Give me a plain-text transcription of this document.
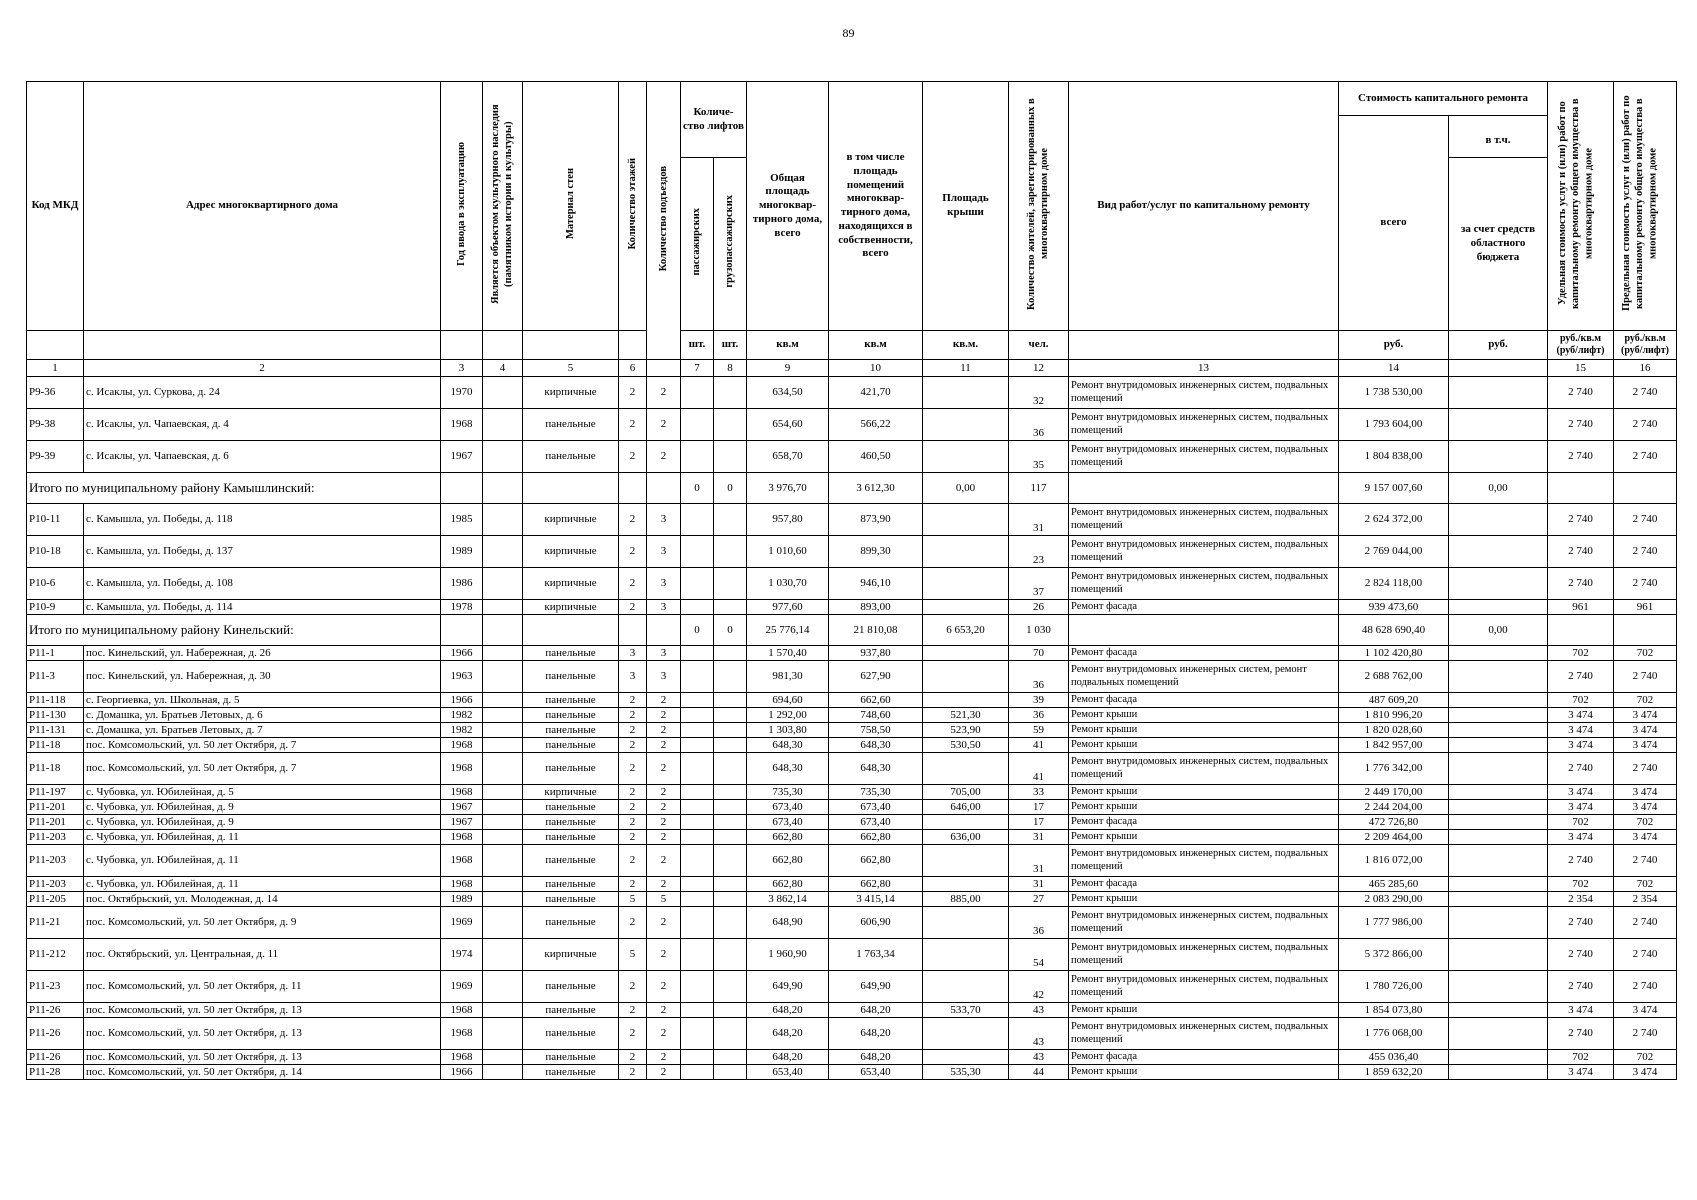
89
Код МКД	Адрес многоквартирного дома	Год ввода в эксплуатацию	Является объектом культурного наследия (памятником истории и культуры)	Материал стен	Количество этажей	Количество подъездов	Количе-ство лифтов		Общая площадь многоквар-тирного дома, всего	в том числе площадь помещений многоквар-тирного дома, находящихся в собственности, всего	Площадь крыши	Количество жителей, зарегистрированных в многоквартирном доме	Вид работ/услуг по капитальному ремонту	Стоимость капитального ремонта		Удельная стоимость услуг и (или) работ по капитальному ремонту общего имущества в многоквартирном доме	Предельная стоимость услуг и (или) работ по капитальному ремонту общего имущества в многоквартирном доме
														всего	в т.ч.		
							пассажирских	грузопассажирских							за счет средств областного бюджета		
							шт.	шт.	кв.м	кв.м	кв.м.	чел.		руб.	руб.	руб./кв.м (руб/лифт)	руб./кв.м (руб/лифт)
1	2	3	4	5	6		7	8	9	10	11	12	13	14		15	16
Р9-36	с. Исаклы, ул. Суркова, д. 24	1970		кирпичные	2	2			634,50	421,70		32	Ремонт внутридомовых инженерных систем, подвальных помещений	1 738 530,00		2 740	2 740
Р9-38	с. Исаклы, ул. Чапаевская, д. 4	1968		панельные	2	2			654,60	566,22		36	Ремонт внутридомовых инженерных систем, подвальных помещений	1 793 604,00		2 740	2 740
Р9-39	с. Исаклы, ул. Чапаевская, д. 6	1967		панельные	2	2			658,70	460,50		35	Ремонт внутридомовых инженерных систем, подвальных помещений	1 804 838,00		2 740	2 740
Итого по муниципальному району Камышлинский:							0	0	3 976,70	3 612,30	0,00	117		9 157 007,60	0,00		
Р10-11	с. Камышла, ул. Победы, д. 118	1985		кирпичные	2	3			957,80	873,90		31	Ремонт внутридомовых инженерных систем, подвальных помещений	2 624 372,00		2 740	2 740
Р10-18	с. Камышла, ул. Победы, д. 137	1989		кирпичные	2	3			1 010,60	899,30		23	Ремонт внутридомовых инженерных систем, подвальных помещений	2 769 044,00		2 740	2 740
Р10-6	с. Камышла, ул. Победы, д. 108	1986		кирпичные	2	3			1 030,70	946,10		37	Ремонт внутридомовых инженерных систем, подвальных помещений	2 824 118,00		2 740	2 740
Р10-9	с. Камышла, ул. Победы, д. 114	1978		кирпичные	2	3			977,60	893,00		26	Ремонт фасада	939 473,60		961	961
Итого по муниципальному району Кинельский:							0	0	25 776,14	21 810,08	6 653,20	1 030		48 628 690,40	0,00		
Р11-1	пос. Кинельский, ул. Набережная, д. 26	1966		панельные	3	3			1 570,40	937,80		70	Ремонт фасада	1 102 420,80		702	702
Р11-3	пос. Кинельский, ул. Набережная, д. 30	1963		панельные	3	3			981,30	627,90		36	Ремонт внутридомовых инженерных систем, ремонт подвальных помещений	2 688 762,00		2 740	2 740
Р11-118	с. Георгиевка, ул. Школьная, д. 5	1966		панельные	2	2			694,60	662,60		39	Ремонт фасада	487 609,20		702	702
Р11-130	с. Домашка, ул. Братьев Летовых, д. 6	1982		панельные	2	2			1 292,00	748,60	521,30	36	Ремонт крыши	1 810 996,20		3 474	3 474
Р11-131	с. Домашка, ул. Братьев Летовых, д. 7	1982		панельные	2	2			1 303,80	758,50	523,90	59	Ремонт крыши	1 820 028,60		3 474	3 474
Р11-18	пос. Комсомольский, ул. 50 лет Октября, д. 7	1968		панельные	2	2			648,30	648,30	530,50	41	Ремонт крыши	1 842 957,00		3 474	3 474
Р11-18	пос. Комсомольский, ул. 50 лет Октября, д. 7	1968		панельные	2	2			648,30	648,30		41	Ремонт внутридомовых инженерных систем, подвальных помещений	1 776 342,00		2 740	2 740
Р11-197	с. Чубовка, ул. Юбилейная, д. 5	1968		кирпичные	2	2			735,30	735,30	705,00	33	Ремонт крыши	2 449 170,00		3 474	3 474
Р11-201	с. Чубовка, ул. Юбилейная, д. 9	1967		панельные	2	2			673,40	673,40	646,00	17	Ремонт крыши	2 244 204,00		3 474	3 474
Р11-201	с. Чубовка, ул. Юбилейная, д. 9	1967		панельные	2	2			673,40	673,40		17	Ремонт фасада	472 726,80		702	702
Р11-203	с. Чубовка, ул. Юбилейная, д. 11	1968		панельные	2	2			662,80	662,80	636,00	31	Ремонт крыши	2 209 464,00		3 474	3 474
Р11-203	с. Чубовка, ул. Юбилейная, д. 11	1968		панельные	2	2			662,80	662,80		31	Ремонт внутридомовых инженерных систем, подвальных помещений	1 816 072,00		2 740	2 740
Р11-203	с. Чубовка, ул. Юбилейная, д. 11	1968		панельные	2	2			662,80	662,80		31	Ремонт фасада	465 285,60		702	702
Р11-205	пос. Октябрьский, ул. Молодежная, д. 14	1989		панельные	5	5			3 862,14	3 415,14	885,00	27	Ремонт крыши	2 083 290,00		2 354	2 354
Р11-21	пос. Комсомольский, ул. 50 лет Октября, д. 9	1969		панельные	2	2			648,90	606,90		36	Ремонт внутридомовых инженерных систем, подвальных помещений	1 777 986,00		2 740	2 740
Р11-212	пос. Октябрьский, ул. Центральная, д. 11	1974		кирпичные	5	2			1 960,90	1 763,34		54	Ремонт внутридомовых инженерных систем, подвальных помещений	5 372 866,00		2 740	2 740
Р11-23	пос. Комсомольский, ул. 50 лет Октября, д. 11	1969		панельные	2	2			649,90	649,90		42	Ремонт внутридомовых инженерных систем, подвальных помещений	1 780 726,00		2 740	2 740
Р11-26	пос. Комсомольский, ул. 50 лет Октября, д. 13	1968		панельные	2	2			648,20	648,20	533,70	43	Ремонт крыши	1 854 073,80		3 474	3 474
Р11-26	пос. Комсомольский, ул. 50 лет Октября, д. 13	1968		панельные	2	2			648,20	648,20		43	Ремонт внутридомовых инженерных систем, подвальных помещений	1 776 068,00		2 740	2 740
Р11-26	пос. Комсомольский, ул. 50 лет Октября, д. 13	1968		панельные	2	2			648,20	648,20		43	Ремонт фасада	455 036,40		702	702
Р11-28	пос. Комсомольский, ул. 50 лет Октября, д. 14	1966		панельные	2	2			653,40	653,40	535,30	44	Ремонт крыши	1 859 632,20		3 474	3 474
